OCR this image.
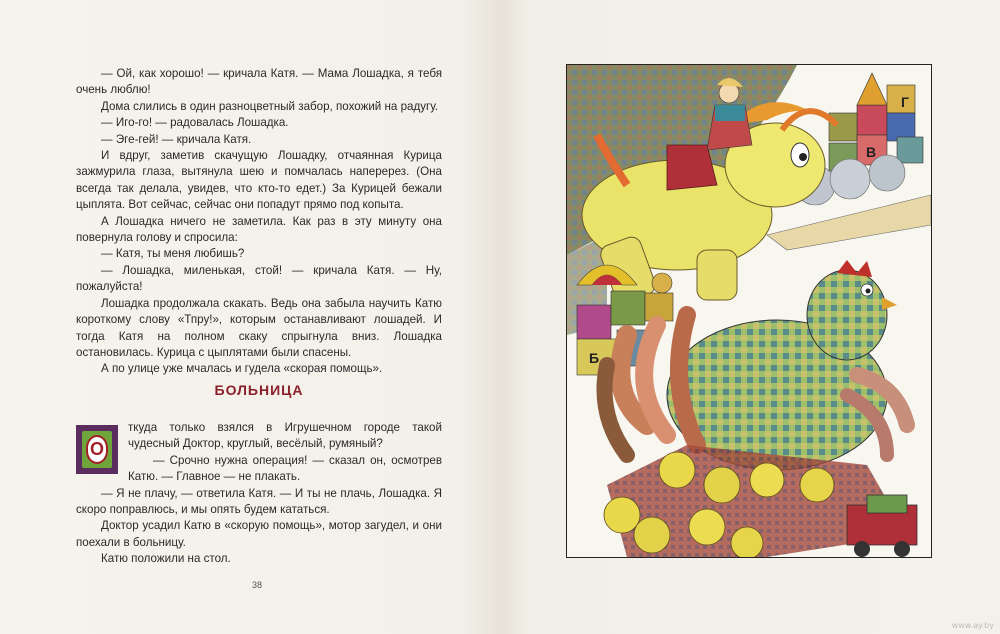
— Ой, как хорошо! — кричала Катя. — Мама Лошадка, я тебя очень люблю!

Дома слились в один разноцветный забор, похожий на радугу.

— Иго-го! — радовалась Лошадка.

— Эге-гей! — кричала Катя.

И вдруг, заметив скачущую Лошадку, отчаянная Курица зажмурила глаза, вытянула шею и помчалась наперерез. (Она всегда так делала, увидев, что кто-то едет.) За Курицей бежали цыплята. Вот сейчас, сейчас они попадут прямо под копыта.

А Лошадка ничего не заметила. Как раз в эту минуту она повернула голову и спросила:

— Катя, ты меня любишь?

— Лошадка, миленькая, стой! — кричала Катя. — Ну, пожалуйста!

Лошадка продолжала скакать. Ведь она забыла научить Катю короткому слову «Тпру!», которым останавливают лошадей. И тогда Катя на полном скаку спрыгнула вниз. Лошадка остановилась. Курица с цыплятами были спасены.

А по улице уже мчалась и гудела «скорая помощь».

БОЛЬНИЦА
О

ткуда только взялся в Игрушечном городе такой чудесный Доктор, круглый, весёлый, румяный?

— Срочно нужна операция! — сказал он, осмотрев Катю. — Главное — не плакать.

— Я не плачу, — ответила Катя. — И ты не плачь, Лошадка. Я скоро поправлюсь, и мы опять будем кататься.

Доктор усадил Катю в «скорую помощь», мотор загудел, и они поехали в больницу.

Катю положили на стол.

38
Г
В
Б
www.ay.by
